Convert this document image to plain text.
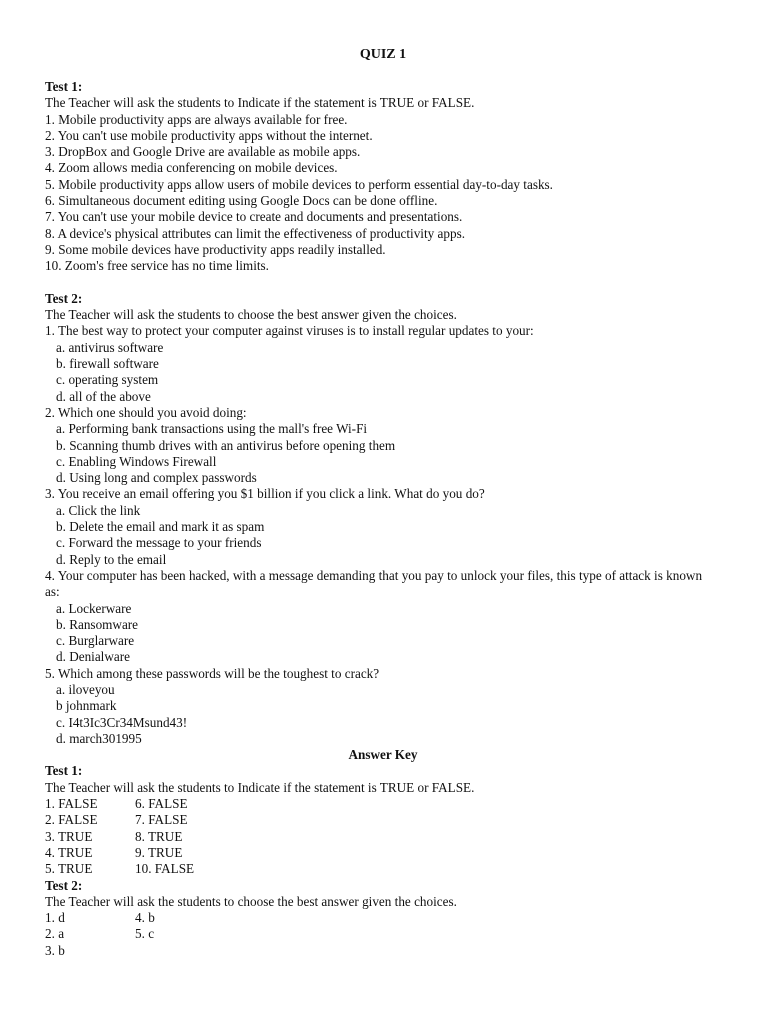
QUIZ 1
Test 1:
The Teacher will ask the students to Indicate if the statement is TRUE or FALSE.
1. Mobile productivity apps are always available for free.
2. You can't use mobile productivity apps without the internet.
3. DropBox and Google Drive are available as mobile apps.
4. Zoom allows media conferencing on mobile devices.
5. Mobile productivity apps allow users of mobile devices to perform essential day-to-day tasks.
6. Simultaneous document editing using Google Docs can be done offline.
7. You can't use your mobile device to create and documents and presentations.
8. A device's physical attributes can limit the effectiveness of productivity apps.
9. Some mobile devices have productivity apps readily installed.
10. Zoom's free service has no time limits.
Test 2:
The Teacher will ask the students to choose the best answer given the choices.
1. The best way to protect your computer against viruses is to install regular updates to your:
a. antivirus software
b. firewall software
c. operating system
d. all of the above
2. Which one should you avoid doing:
a. Performing bank transactions using the mall's free Wi-Fi
b. Scanning thumb drives with an antivirus before opening them
c. Enabling Windows Firewall
d. Using long and complex passwords
3. You receive an email offering you $1 billion if you click a link. What do you do?
a. Click the link
b. Delete the email and mark it as spam
c. Forward the message to your friends
d. Reply to the email
4. Your computer has been hacked, with a message demanding that you pay to unlock your files, this type of attack is known as:
a. Lockerware
b. Ransomware
c. Burglarware
d. Denialware
5. Which among these passwords will be the toughest to crack?
a. iloveyou
b johnmark
c. I4t3Ic3Cr34Msund43!
d. march301995
Answer Key
Test 1:
The Teacher will ask the students to Indicate if the statement is TRUE or FALSE.
1. FALSE	6. FALSE
2. FALSE	7. FALSE
3. TRUE	8. TRUE
4. TRUE	9. TRUE
5. TRUE	10. FALSE
Test 2:
The Teacher will ask the students to choose the best answer given the choices.
1. d	4. b
2. a	5. c
3. b
